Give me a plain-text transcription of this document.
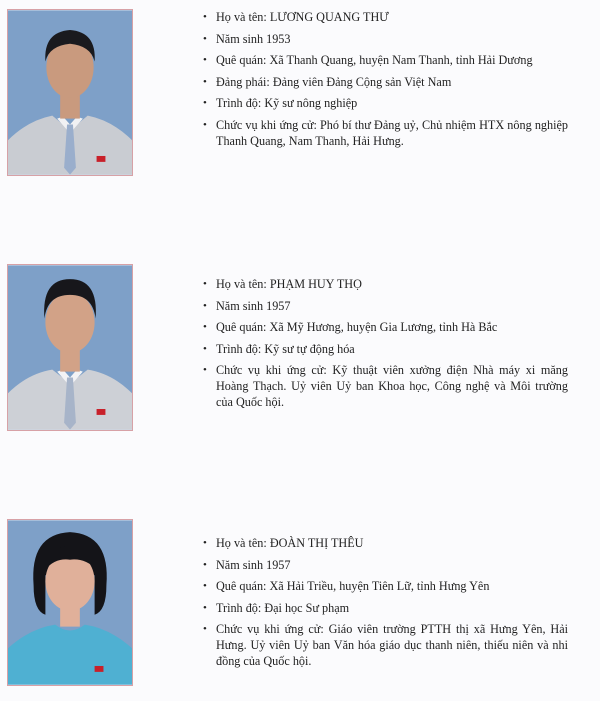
• Họ và tên: LƯƠNG QUANG THƯ
• Năm sinh 1953
• Quê quán: Xã Thanh Quang, huyện Nam Thanh, tỉnh Hải Dương
• Đảng phái: Đảng viên Đảng Cộng sản Việt Nam
• Trình độ: Kỹ sư nông nghiệp
• Chức vụ khi ứng cử: Phó bí thư Đảng uỷ, Chủ nhiệm HTX nông nghiệp Thanh Quang, Nam Thanh, Hải Hưng.
• Họ và tên: PHẠM HUY THỌ
• Năm sinh 1957
• Quê quán: Xã Mỹ Hương, huyện Gia Lương, tỉnh Hà Bắc
• Trình độ: Kỹ sư tự động hóa
• Chức vụ khi ứng cử: Kỹ thuật viên xưởng điện Nhà máy xi măng Hoàng Thạch. Uỷ viên Uỷ ban Khoa học, Công nghệ và Môi trường của Quốc hội.
• Họ và tên: ĐOÀN THỊ THÊU
• Năm sinh 1957
• Quê quán: Xã Hải Triều, huyện Tiên Lữ, tỉnh Hưng Yên
• Trình độ: Đại học Sư phạm
• Chức vụ khi ứng cử: Giáo viên trường PTTH thị xã Hưng Yên, Hải Hưng. Uỷ viên Uỷ ban Văn hóa giáo dục thanh niên, thiếu niên và nhi đồng của Quốc hội.
